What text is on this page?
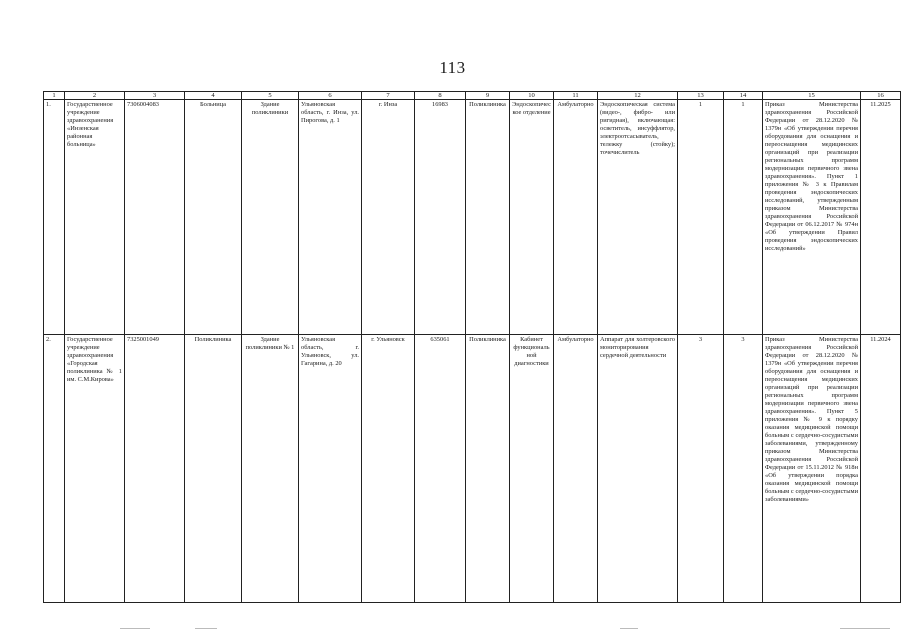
113
1	2	3	4	5	6	7	8	9	10	11	12	13	14	15	16
1.	Государственное учреждение здравоохранения «Инзенская районная больница»	7306004083	Больница	Здание поликлиники	Ульяновская область, г. Инза, ул. Пирогова, д. 1	г. Инза	16983	Поликлиника	Эндоскопическое отделение	Амбулаторно	Эндоскопическая система (видео-, фибро- или ригидная), включающая: осветитель, инсуффлятор, электроотсасыватель, тележку (стойку); точечислитель	1	1	Приказ Министерства здравоохранения Российской Федерации от 28.12.2020 № 1379н «Об утверждении перечня оборудования для оснащения и переоснащения медицинских организаций при реализации региональных программ модернизации первичного звена здравоохранения». Пункт 1 приложения № 3 к Правилам проведения эндоскопических исследований, утвержденным приказом Министерства здравоохранения Российской Федерации от 06.12.2017 № 974н «Об утверждении Правил проведения эндоскопических исследований»	11.2025
2.	Государственное учреждение здравоохранения «Городская поликлиника № 1 им. С.М.Кирова»	7325001049	Поликлиника	Здание поликлиники № 1	Ульяновская область, г. Ульяновск, ул. Гагарина, д. 20	г. Ульяновск	635061	Поликлиника	Кабинет функциональной диагностики	Амбулаторно	Аппарат для холтеровского мониторирования сердечной деятельности	3	3	Приказ Министерства здравоохранения Российской Федерации от 28.12.2020 № 1379н «Об утверждении перечня оборудования для оснащения и переоснащения медицинских организаций при реализации региональных программ модернизации первичного звена здравоохранения». Пункт 5 приложения № 9 к порядку оказания медицинской помощи больным с сердечно-сосудистыми заболеваниями, утвержденному приказом Министерства здравоохранения Российской Федерации от 15.11.2012 № 918н «Об утверждении порядка оказания медицинской помощи больным с сердечно-сосудистыми заболеваниями»	11.2024
